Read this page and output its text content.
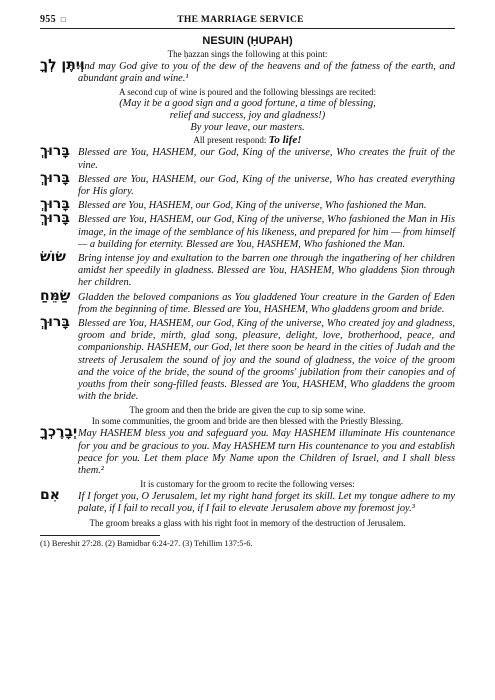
955 □	THE MARRIAGE SERVICE
NESUIN (ḤUPAH)
The ḥazzan sings the following at this point:
וְיִתֶּן לְךָ
And may God give to you of the dew of the heavens and of the fatness of the earth, and abundant grain and wine.¹
A second cup of wine is poured and the following blessings are recited:
(May it be a good sign and a good fortune, a time of blessing,
relief and success, joy and gladness!)
By your leave, our masters.
All present respond: To life!
בָּרוּךְ Blessed are You, HASHEM, our God, King of the universe, Who creates the fruit of the vine.
בָּרוּךְ Blessed are You, HASHEM, our God, King of the universe, Who has created everything for His glory.
בָּרוּךְ Blessed are You, HASHEM, our God, King of the universe, Who fashioned the Man.
בָּרוּךְ Blessed are You, HASHEM, our God, King of the universe, Who fashioned the Man in His image, in the image of the semblance of his likeness, and prepared for him — from himself — a building for eternity. Blessed are You, HASHEM, Who fashioned the Man.
שׂוֹשׂ Bring intense joy and exultation to the barren one through the ingathering of her children amidst her speedily in gladness. Blessed are You, HASHEM, Who gladdens Ṣion through her children.
שַׂמֵּחַ Gladden the beloved companions as You gladdened Your creature in the Garden of Eden from the beginning of time. Blessed are You, HASHEM, Who gladdens groom and bride.
בָּרוּךְ Blessed are You, HASHEM, our God, King of the universe, Who created joy and gladness, groom and bride, mirth, glad song, pleasure, delight, love, brotherhood, peace, and companionship. HASHEM, our God, let there soon be heard in the cities of Judah and the streets of Jerusalem the sound of joy and the sound of gladness, the voice of the groom and the voice of the bride, the sound of the grooms' jubilation from their canopies and of youths from their song-filled feasts. Blessed are You, HASHEM, Who gladdens the groom with the bride.
The groom and then the bride are given the cup to sip some wine.
In some communities, the groom and bride are then blessed with the Priestly Blessing.
יְבָרֶכְךָ May HASHEM bless you and safeguard you. May HASHEM illuminate His countenance for you and be gracious to you. May HASHEM turn His countenance to you and establish peace for you. Let them place My Name upon the Children of Israel, and I shall bless them.²
It is customary for the groom to recite the following verses:
אִם If I forget you, O Jerusalem, let my right hand forget its skill. Let my tongue adhere to my palate, if I fail to recall you, if I fail to elevate Jerusalem above my foremost joy.³
The groom breaks a glass with his right foot in memory of the destruction of Jerusalem.
(1) Bereshit 27:28. (2) Bamidbar 6:24-27. (3) Tehillim 137:5-6.
